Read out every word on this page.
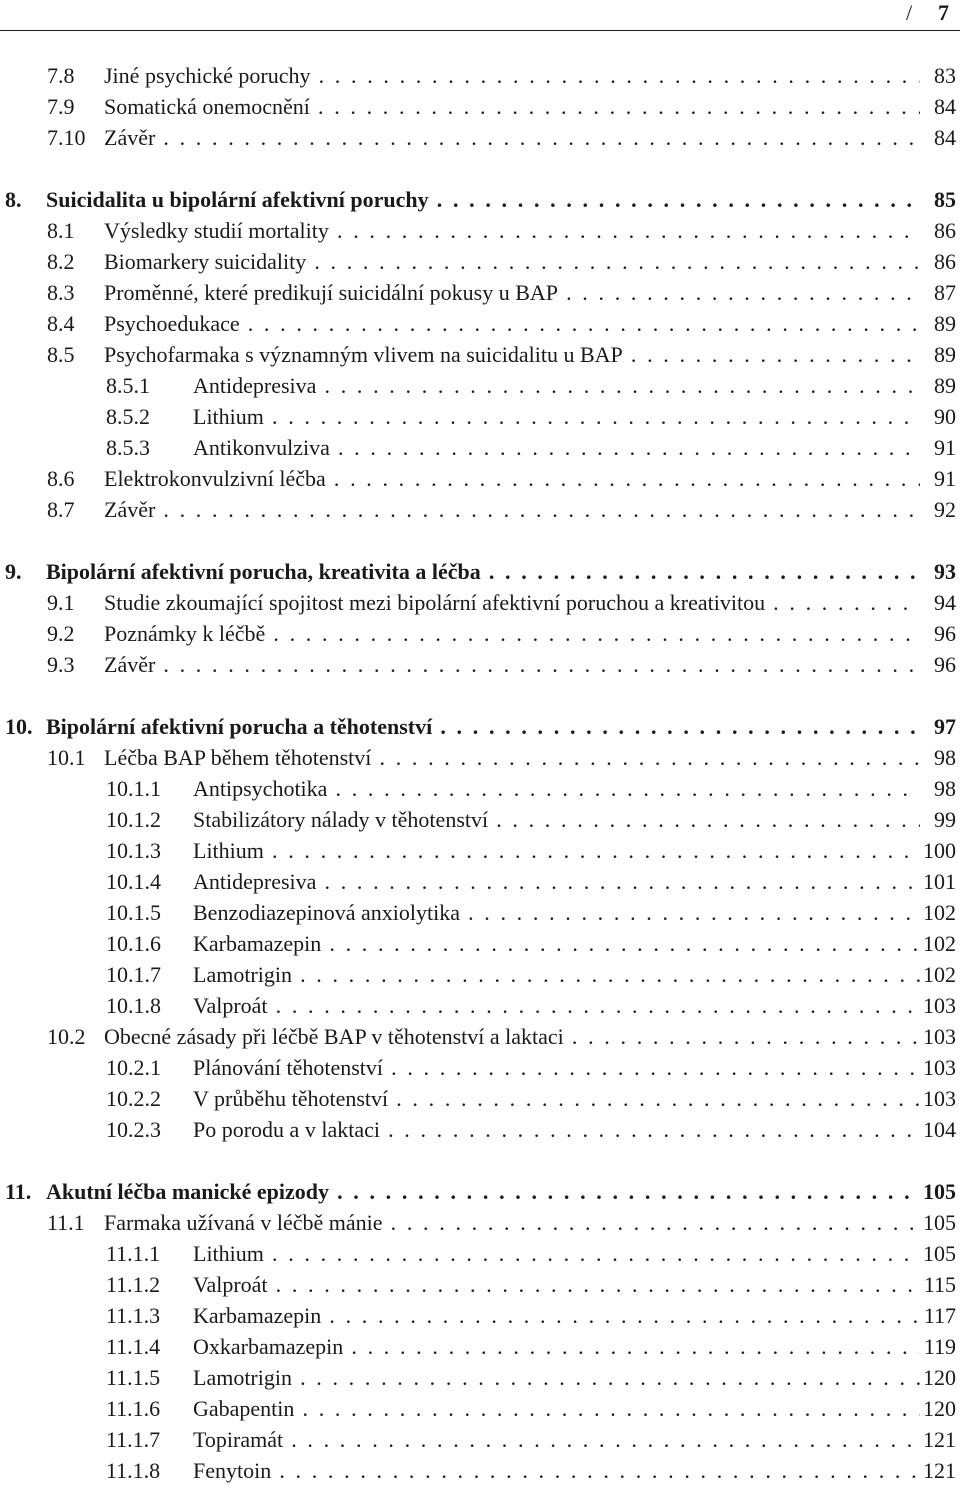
/ 7
7.8 Jiné psychické poruchy . . .	83
7.9 Somatická onemocnění . . .	84
7.10 Závěr . . .	84
8. Suicidalita u bipolární afektivní poruchy . . .	85
8.1 Výsledky studií mortality . . .	86
8.2 Biomarkery suicidality . . .	86
8.3 Proměnné, které predikují suicidální pokusy u BAP . . .	87
8.4 Psychoedukace . . .	89
8.5 Psychofarmaka s významným vlivem na suicidalitu u BAP . . .	89
8.5.1 Antidepresiva . . .	89
8.5.2 Lithium . . .	90
8.5.3 Antikonvulziva . . .	91
8.6 Elektrokonvulzivní léčba . . .	91
8.7 Závěr . . .	92
9. Bipolární afektivní porucha, kreativita a léčba . . .	93
9.1 Studie zkoumající spojitost mezi bipolární afektivní poruchou a kreativitou . . .	94
9.2 Poznámky k léčbě . . .	96
9.3 Závěr . . .	96
10. Bipolární afektivní porucha a těhotenství . . .	97
10.1 Léčba BAP během těhotenství . . .	98
10.1.1 Antipsychotika . . .	98
10.1.2 Stabilizátory nálady v těhotenství . . .	99
10.1.3 Lithium . . .	100
10.1.4 Antidepresiva . . .	101
10.1.5 Benzodiazepinová anxiolytika . . .	102
10.1.6 Karbamazepin . . .	102
10.1.7 Lamotrigin . . .	102
10.1.8 Valproát . . .	103
10.2 Obecné zásady při léčbě BAP v těhotenství a laktaci . . .	103
10.2.1 Plánování těhotenství . . .	103
10.2.2 V průběhu těhotenství . . .	103
10.2.3 Po porodu a v laktaci . . .	104
11. Akutní léčba manické epizody . . .	105
11.1 Farmaka užívaná v léčbě mánie . . .	105
11.1.1 Lithium . . .	105
11.1.2 Valproát . . .	115
11.1.3 Karbamazepin . . .	117
11.1.4 Oxkarbamazepin . . .	119
11.1.5 Lamotrigin . . .	120
11.1.6 Gabapentin . . .	120
11.1.7 Topiramát . . .	121
11.1.8 Fenytoin . . .	121
